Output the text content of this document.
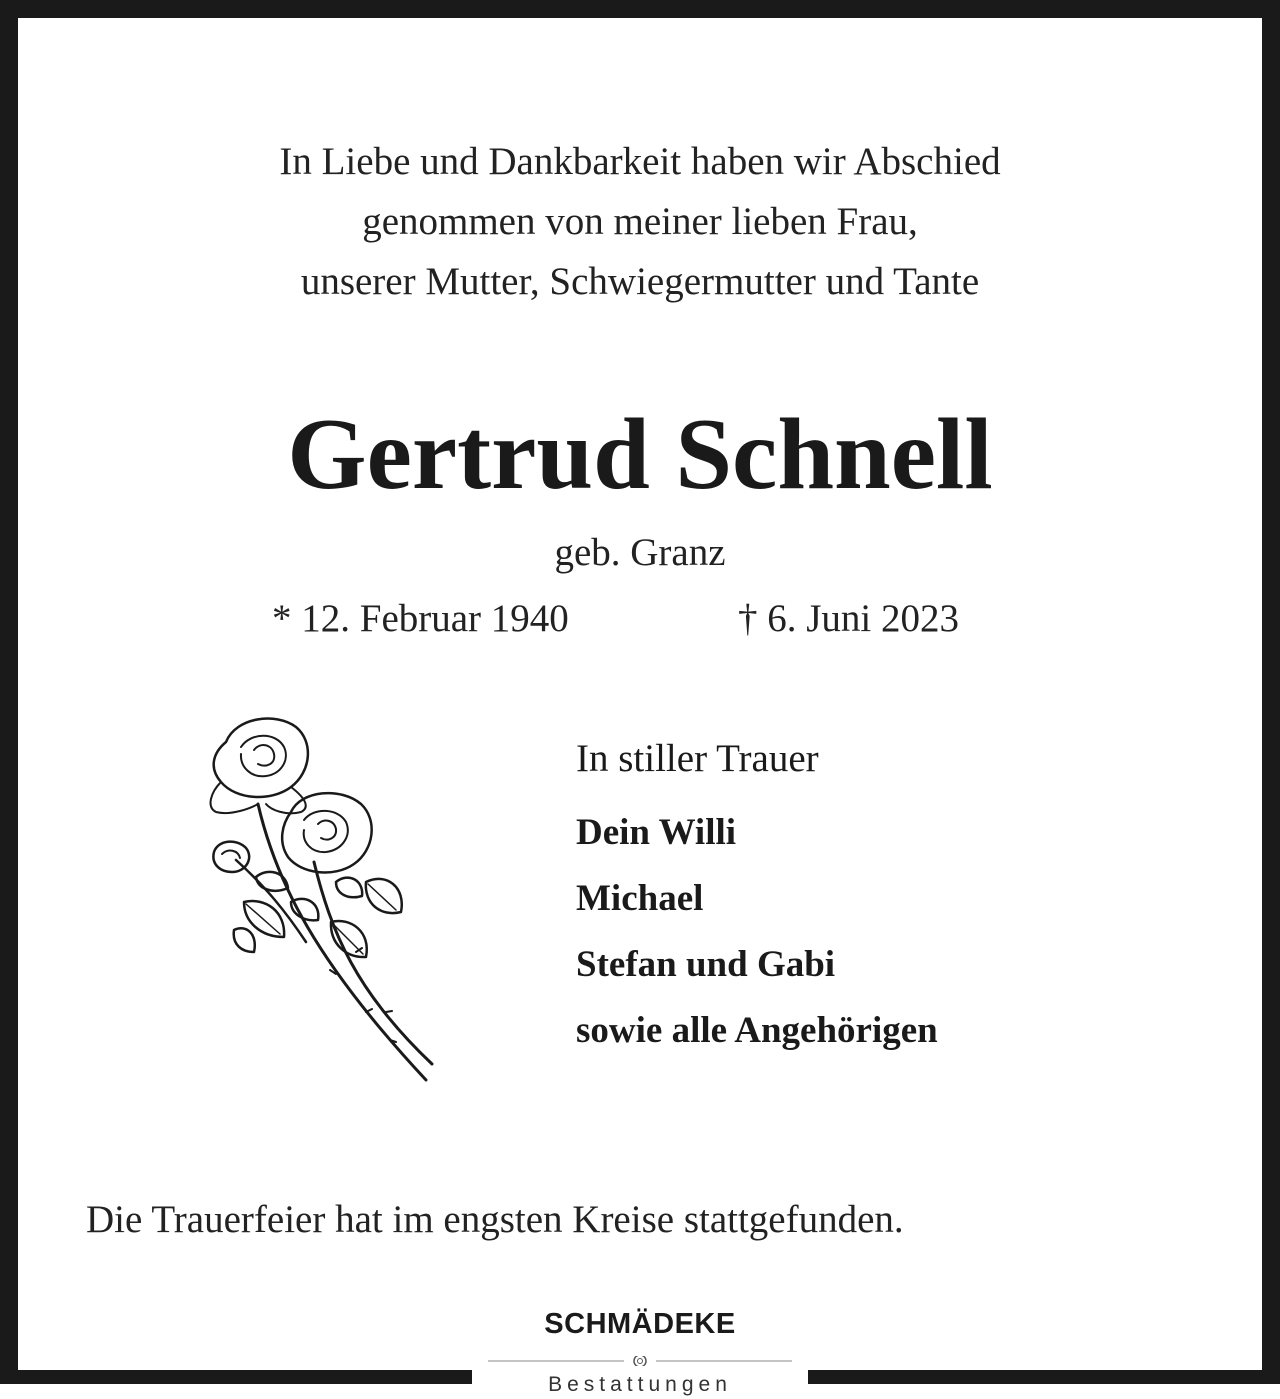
In Liebe und Dankbarkeit haben wir Abschied
genommen von meiner lieben Frau,
unserer Mutter, Schwiegermutter und Tante
Gertrud Schnell
geb. Granz
* 12. Februar 1940	† 6. Juni 2023
In stiller Trauer
Dein Willi
Michael
Stefan und Gabi
sowie alle Angehörigen
Die Trauerfeier hat im engsten Kreise stattgefunden.
SCHMÄDEKE
Bestattungen
